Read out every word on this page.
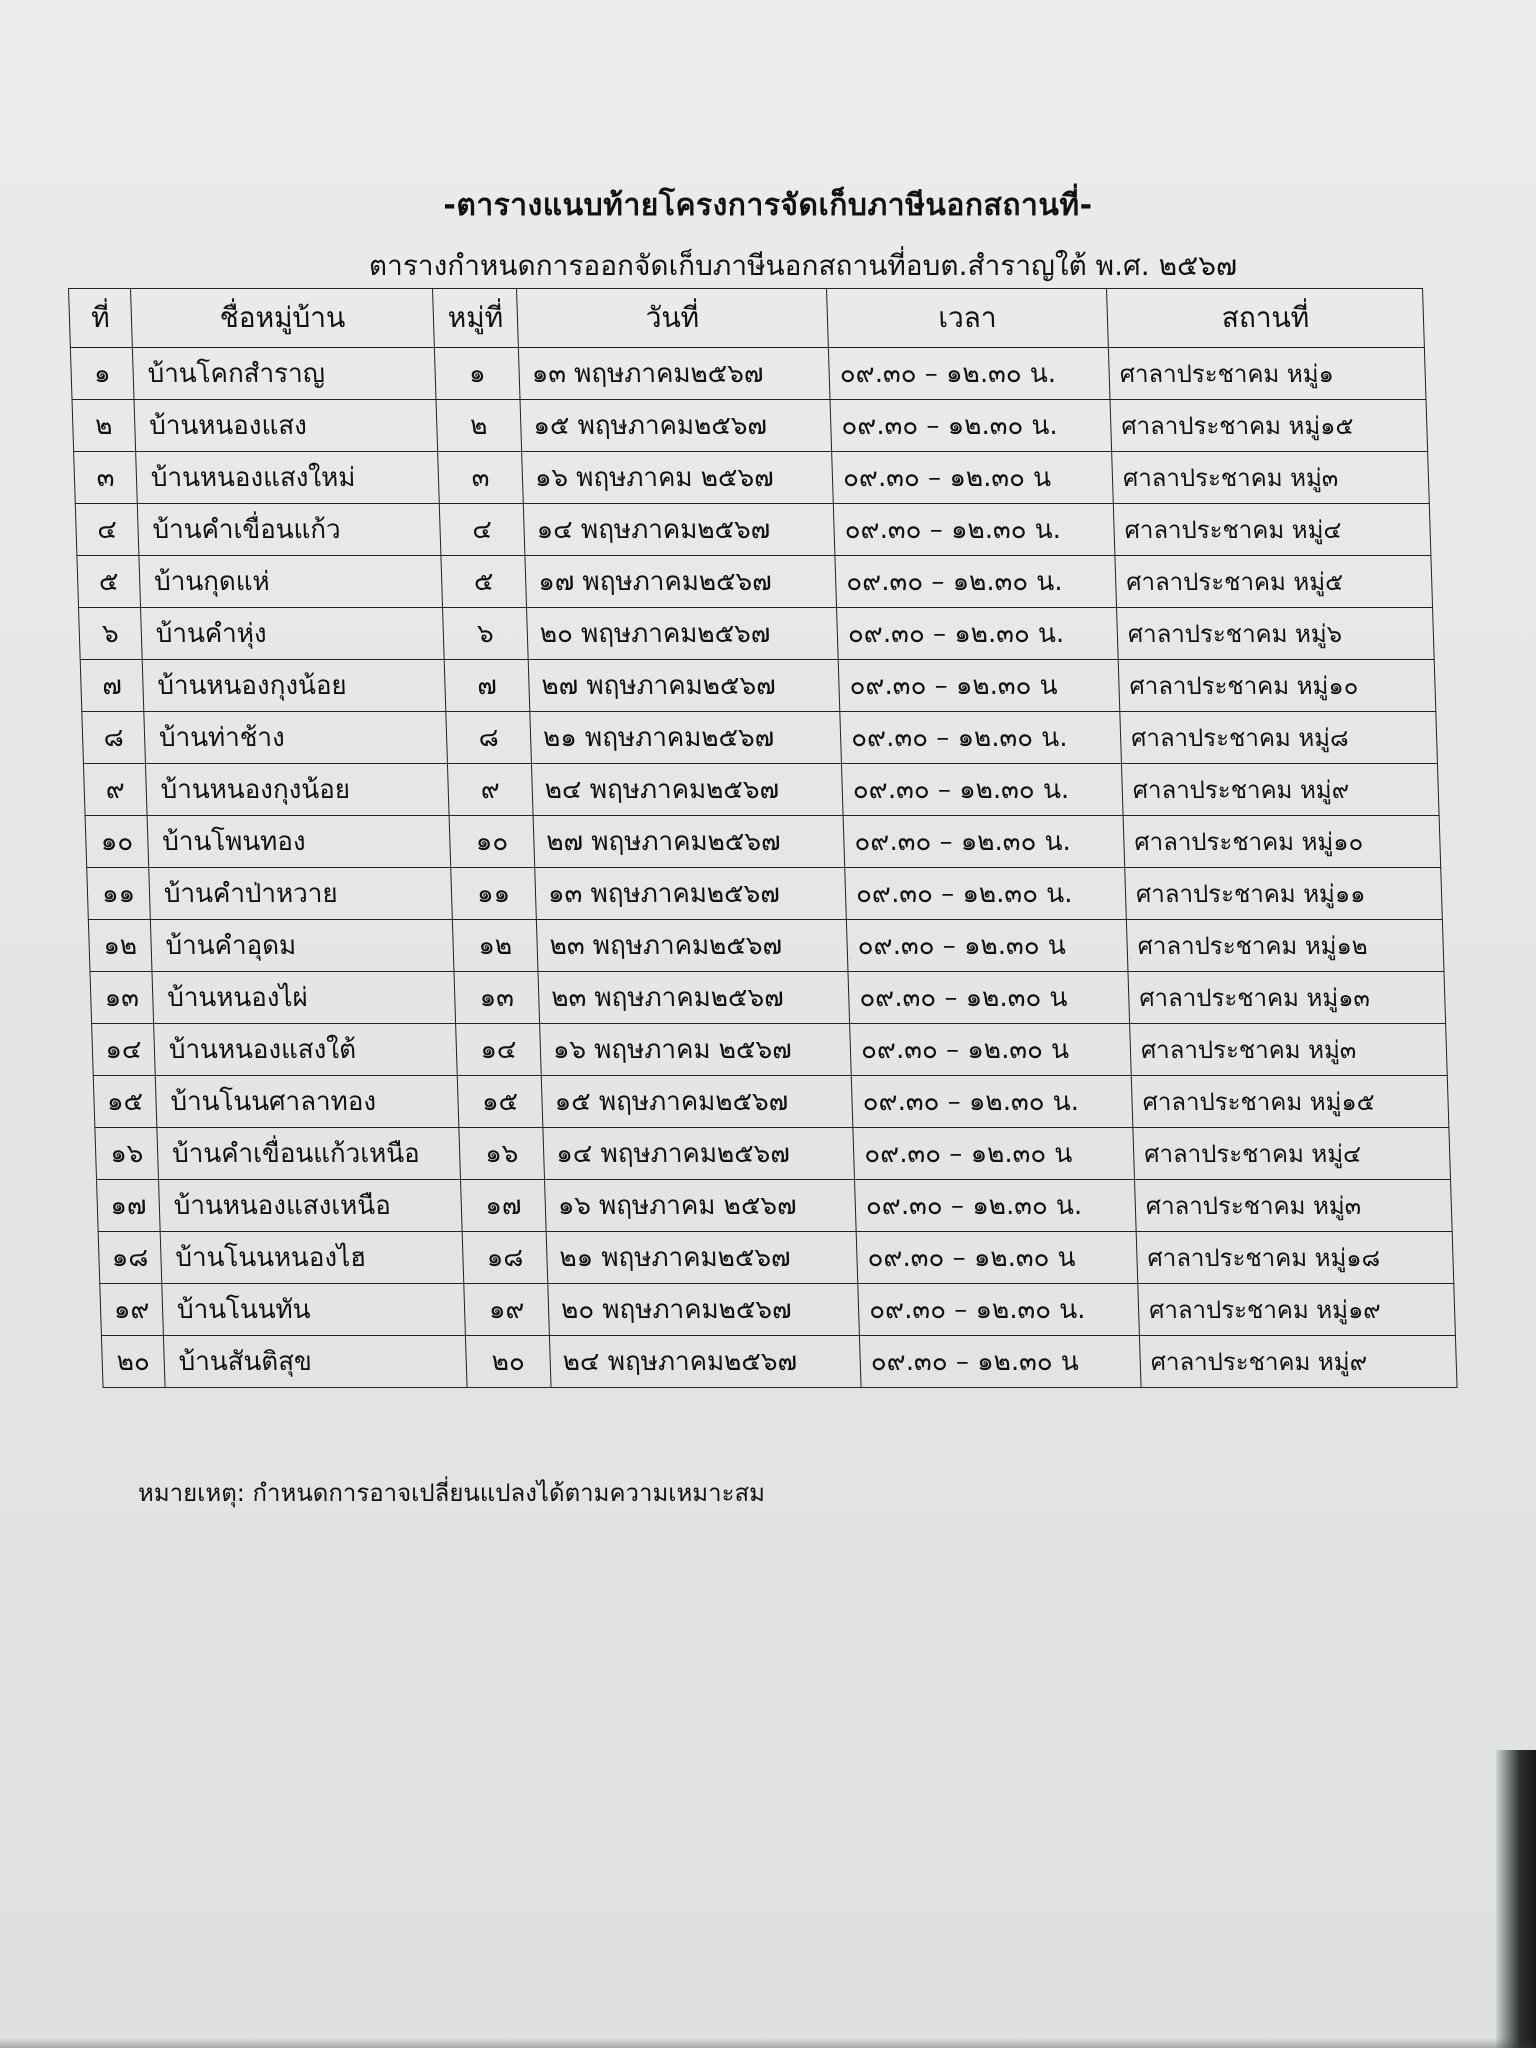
-ตารางแนบท้ายโครงการจัดเก็บภาษีนอกสถานที่-
ตารางกำหนดการออกจัดเก็บภาษีนอกสถานที่อบต.สำราญใต้ พ.ศ. ๒๕๖๗
ที่	ชื่อหมู่บ้าน	หมู่ที่	วันที่	เวลา	สถานที่
๑	บ้านโคกสำราญ	๑	๑๓ พฤษภาคม๒๕๖๗	๐๙.๓๐ – ๑๒.๓๐ น.	ศาลาประชาคม หมู่๑
๒	บ้านหนองแสง	๒	๑๕ พฤษภาคม๒๕๖๗	๐๙.๓๐ – ๑๒.๓๐ น.	ศาลาประชาคม หมู่๑๕
๓	บ้านหนองแสงใหม่	๓	๑๖ พฤษภาคม ๒๕๖๗	๐๙.๓๐ – ๑๒.๓๐ น	ศาลาประชาคม หมู่๓
๔	บ้านคำเขื่อนแก้ว	๔	๑๔ พฤษภาคม๒๕๖๗	๐๙.๓๐ – ๑๒.๓๐ น.	ศาลาประชาคม หมู่๔
๕	บ้านกุดแห่	๕	๑๗ พฤษภาคม๒๕๖๗	๐๙.๓๐ – ๑๒.๓๐ น.	ศาลาประชาคม หมู่๕
๖	บ้านคำหุ่ง	๖	๒๐ พฤษภาคม๒๕๖๗	๐๙.๓๐ – ๑๒.๓๐ น.	ศาลาประชาคม หมู่๖
๗	บ้านหนองกุงน้อย	๗	๒๗ พฤษภาคม๒๕๖๗	๐๙.๓๐ – ๑๒.๓๐ น	ศาลาประชาคม หมู่๑๐
๘	บ้านท่าช้าง	๘	๒๑ พฤษภาคม๒๕๖๗	๐๙.๓๐ – ๑๒.๓๐ น.	ศาลาประชาคม หมู่๘
๙	บ้านหนองกุงน้อย	๙	๒๔ พฤษภาคม๒๕๖๗	๐๙.๓๐ – ๑๒.๓๐ น.	ศาลาประชาคม หมู่๙
๑๐	บ้านโพนทอง	๑๐	๒๗ พฤษภาคม๒๕๖๗	๐๙.๓๐ – ๑๒.๓๐ น.	ศาลาประชาคม หมู่๑๐
๑๑	บ้านคำป่าหวาย	๑๑	๑๓ พฤษภาคม๒๕๖๗	๐๙.๓๐ – ๑๒.๓๐ น.	ศาลาประชาคม หมู่๑๑
๑๒	บ้านคำอุดม	๑๒	๒๓ พฤษภาคม๒๕๖๗	๐๙.๓๐ – ๑๒.๓๐ น	ศาลาประชาคม หมู่๑๒
๑๓	บ้านหนองไผ่	๑๓	๒๓ พฤษภาคม๒๕๖๗	๐๙.๓๐ – ๑๒.๓๐ น	ศาลาประชาคม หมู่๑๓
๑๔	บ้านหนองแสงใต้	๑๔	๑๖ พฤษภาคม ๒๕๖๗	๐๙.๓๐ – ๑๒.๓๐ น	ศาลาประชาคม หมู่๓
๑๕	บ้านโนนศาลาทอง	๑๕	๑๕ พฤษภาคม๒๕๖๗	๐๙.๓๐ – ๑๒.๓๐ น.	ศาลาประชาคม หมู่๑๕
๑๖	บ้านคำเขื่อนแก้วเหนือ	๑๖	๑๔ พฤษภาคม๒๕๖๗	๐๙.๓๐ – ๑๒.๓๐ น	ศาลาประชาคม หมู่๔
๑๗	บ้านหนองแสงเหนือ	๑๗	๑๖ พฤษภาคม ๒๕๖๗	๐๙.๓๐ – ๑๒.๓๐ น.	ศาลาประชาคม หมู่๓
๑๘	บ้านโนนหนองไฮ	๑๘	๒๑ พฤษภาคม๒๕๖๗	๐๙.๓๐ – ๑๒.๓๐ น	ศาลาประชาคม หมู่๑๘
๑๙	บ้านโนนทัน	๑๙	๒๐ พฤษภาคม๒๕๖๗	๐๙.๓๐ – ๑๒.๓๐ น.	ศาลาประชาคม หมู่๑๙
๒๐	บ้านสันติสุข	๒๐	๒๔ พฤษภาคม๒๕๖๗	๐๙.๓๐ – ๑๒.๓๐ น	ศาลาประชาคม หมู่๙
หมายเหตุ: กำหนดการอาจเปลี่ยนแปลงได้ตามความเหมาะสม
